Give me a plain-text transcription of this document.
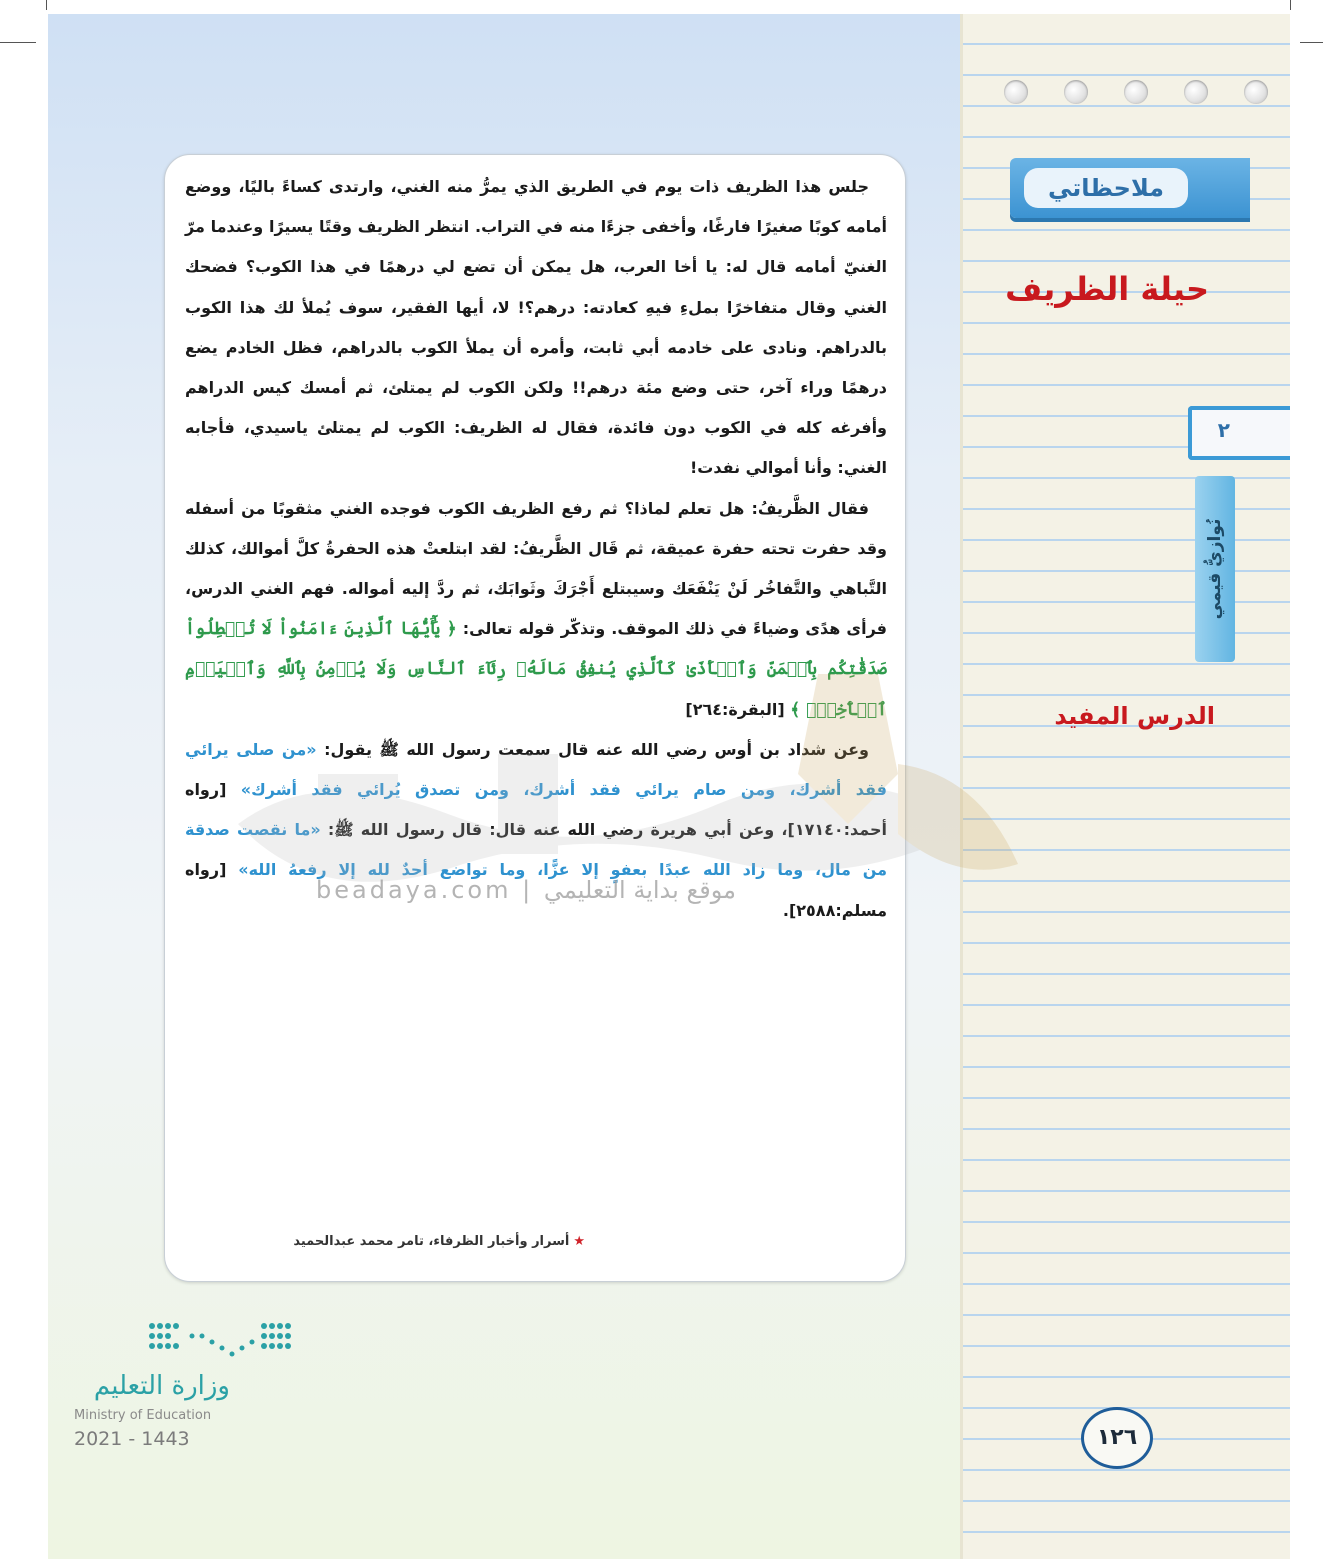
ملاحظاتي
حيلة الظريف
٢
نُوازيُّ قيمي
الدرس المفيد

جلس هذا الظريف ذات يوم في الطريق الذي يمرُّ منه الغني، وارتدى كساءً باليًا، ووضع أمامه كوبًا صغيرًا فارغًا، وأخفى جزءًا منه في التراب. انتظر الظريف وقتًا يسيرًا وعندما مرّ الغنيّ أمامه قال له: يا أخا العرب، هل يمكن أن تضع لي درهمًا في هذا الكوب؟ فضحك الغني وقال متفاخرًا بملءِ فيهِ كعادته: درهم؟! لا، أيها الفقير، سوف يُملأ لك هذا الكوب بالدراهم. ونادى على خادمه أبي ثابت، وأمره أن يملأ الكوب بالدراهم، فظل الخادم يضع درهمًا وراء آخر، حتى وضع مئة درهم!! ولكن الكوب لم يمتلئ، ثم أمسك كيس الدراهم وأفرغه كله في الكوب دون فائدة، فقال له الظريف: الكوب لم يمتلئ ياسيدي، فأجابه الغني: وأنا أموالي نفدت!

فقال الظَّريفُ: هل تعلم لماذا؟ ثم رفع الظريف الكوب فوجده الغني مثقوبًا من أسفله وقد حفرت تحته حفرة عميقة، ثم قَال الظَّريفُ: لقد ابتلعتْ هذه الحفرةُ كلَّ أموالك، كذلك التَّباهي والتَّفاخُر لَنْ يَنْفَعَك وسيبتلع أَجْرَكَ وثَوابَك، ثم ردَّ إليه أمواله. فهم الغني الدرس، فرأى هدًى وضياءً في ذلك الموقف. وتذكّر قوله تعالى: ﴿ يَٰٓأَيُّهَا ٱلَّذِينَ ءَامَنُواْ لَا تُبۡطِلُواْ صَدَقَٰتِكُم بِٱلۡمَنِّ وَٱلۡأَذَىٰ كَٱلَّذِي يُنفِقُ مَالَهُۥ رِئَآءَ ٱلنَّاسِ وَلَا يُؤۡمِنُ بِٱللَّهِ وَٱلۡيَوۡمِ ٱلۡأٓخِرِۖ ﴾ [البقرة:٢٦٤]

وعن شداد بن أوس رضي الله عنه قال سمعت رسول الله ﷺ يقول: «من صلى يرائي فقد أشرك، ومن صام يرائي فقد أشرك، ومن تصدق يُرائي فقد أشرك» [رواه أحمد:١٧١٤٠]، وعن أبي هريرة رضي الله عنه قال: قال رسول الله ﷺ: «ما نقصت صدقة من مال، وما زاد الله عبدًا بعفوٍ إلا عزًّا، وما تواضع أحدٌ لله إلا رفعهُ الله» [رواه مسلم:٢٥٨٨].

★أسرار وأخبار الظرفاء، تامر محمد عبدالحميد
beadaya.com | موقع بداية التعليمي
وزارة التعليم
Ministry of Education
2021 - 1443	١٢٦
